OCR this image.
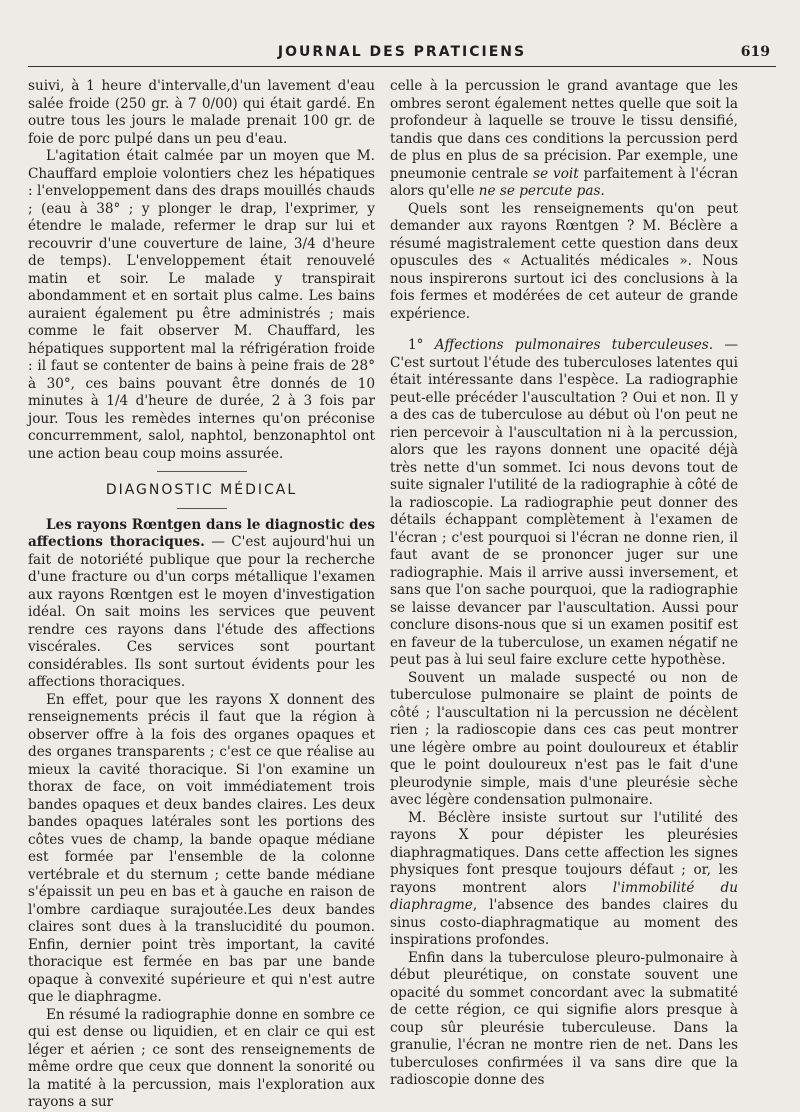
JOURNAL DES PRATICIENS	619

suivi, à 1 heure d'intervalle,d'un lavement d'eau salée froide (250 gr. à 7 0/00) qui était gardé. En outre tous les jours le malade prenait 100 gr. de foie de porc pulpé dans un peu d'eau.

L'agitation était calmée par un moyen que M. Chauffard emploie volontiers chez les hépatiques : l'enveloppement dans des draps mouillés chauds ; (eau à 38° ; y plonger le drap, l'exprimer, y étendre le malade, refermer le drap sur lui et recouvrir d'une couverture de laine, 3/4 d'heure de temps). L'enveloppement était renouvelé matin et soir. Le malade y transpirait abondamment et en sortait plus calme. Les bains auraient également pu être administrés ; mais comme le fait observer M. Chauffard, les hépatiques supportent mal la réfrigération froide : il faut se contenter de bains à peine frais de 28° à 30°, ces bains pouvant être donnés de 10 minutes à 1/4 d'heure de durée, 2 à 3 fois par jour. Tous les remèdes internes qu'on préconise concurremment, salol, naphtol, benzonaphtol ont une action beau coup moins assurée.

DIAGNOSTIC MÉDICAL

Les rayons Rœntgen dans le diagnostic des affections thoraciques. — C'est aujourd'hui un fait de notoriété publique que pour la recherche d'une fracture ou d'un corps métallique l'examen aux rayons Rœntgen est le moyen d'investigation idéal. On sait moins les services que peuvent rendre ces rayons dans l'étude des affections viscérales. Ces services sont pourtant considérables. Ils sont surtout évidents pour les affections thoraciques.

En effet, pour que les rayons X donnent des renseignements précis il faut que la région à observer offre à la fois des organes opaques et des organes transparents ; c'est ce que réalise au mieux la cavité thoracique. Si l'on examine un thorax de face, on voit immédiatement trois bandes opaques et deux bandes claires. Les deux bandes opaques latérales sont les portions des côtes vues de champ, la bande opaque médiane est formée par l'ensemble de la colonne vertébrale et du sternum ; cette bande médiane s'épaissit un peu en bas et à gauche en raison de l'ombre cardiaque surajoutée.Les deux bandes claires sont dues à la translucidité du poumon. Enfin, dernier point très important, la cavité thoracique est fermée en bas par une bande opaque à convexité supérieure et qui n'est autre que le diaphragme.

En résumé la radiographie donne en sombre ce qui est dense ou liquidien, et en clair ce qui est léger et aérien ; ce sont des renseignements de même ordre que ceux que donnent la sonorité ou la matité à la percussion, mais l'exploration aux rayons a sur

celle à la percussion le grand avantage que les ombres seront également nettes quelle que soit la profondeur à laquelle se trouve le tissu densifié, tandis que dans ces conditions la percussion perd de plus en plus de sa précision. Par exemple, une pneumonie centrale se voit parfaitement à l'écran alors qu'elle ne se percute pas.

Quels sont les renseignements qu'on peut demander aux rayons Rœntgen ? M. Béclère a résumé magistralement cette question dans deux opuscules des « Actualités médicales ». Nous nous inspirerons surtout ici des conclusions à la fois fermes et modérées de cet auteur de grande expérience.

1° Affections pulmonaires tuberculeuses. — C'est surtout l'étude des tuberculoses latentes qui était intéressante dans l'espèce. La radiographie peut-elle précéder l'auscultation ? Oui et non. Il y a des cas de tuberculose au début où l'on peut ne rien percevoir à l'auscultation ni à la percussion, alors que les rayons donnent une opacité déjà très nette d'un sommet. Ici nous devons tout de suite signaler l'utilité de la radiographie à côté de la radioscopie. La radiographie peut donner des détails échappant complètement à l'examen de l'écran ; c'est pourquoi si l'écran ne donne rien, il faut avant de se prononcer juger sur une radiographie. Mais il arrive aussi inversement, et sans que l'on sache pourquoi, que la radiographie se laisse devancer par l'auscultation. Aussi pour conclure disons-nous que si un examen positif est en faveur de la tuberculose, un examen négatif ne peut pas à lui seul faire exclure cette hypothèse.

Souvent un malade suspecté ou non de tuberculose pulmonaire se plaint de points de côté ; l'auscultation ni la percussion ne décèlent rien ; la radioscopie dans ces cas peut montrer une légère ombre au point douloureux et établir que le point douloureux n'est pas le fait d'une pleurodynie simple, mais d'une pleurésie sèche avec légère condensation pulmonaire.

M. Béclère insiste surtout sur l'utilité des rayons X pour dépister les pleurésies diaphragmatiques. Dans cette affection les signes physiques font presque toujours défaut ; or, les rayons montrent alors l'immobilité du diaphragme, l'absence des bandes claires du sinus costo-diaphragmatique au moment des inspirations profondes.

Enfin dans la tuberculose pleuro-pulmonaire à début pleurétique, on constate souvent une opacité du sommet concordant avec la submatité de cette région, ce qui signifie alors presque à coup sûr pleurésie tuberculeuse. Dans la granulie, l'écran ne montre rien de net. Dans les tuberculoses confirmées il va sans dire que la radioscopie donne des
